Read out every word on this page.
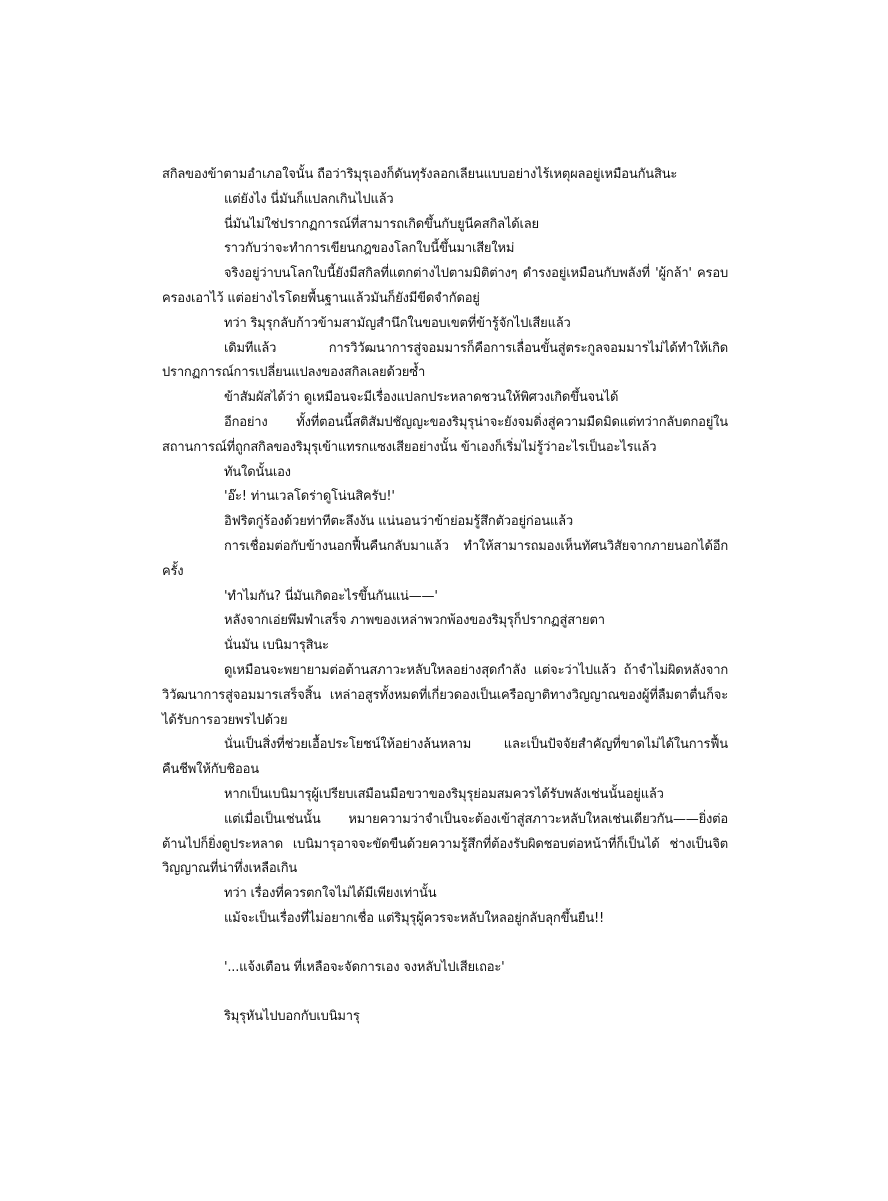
สกิลของข้าตามอำเภอใจนั้น ถือว่าริมุรุเองก็ดันทุรังลอกเลียนแบบอย่างไร้เหตุผลอยู่เหมือนกันสินะ

แต่ยังไง นี่มันก็แปลกเกินไปแล้ว

นี่มันไม่ใช่ปรากฏการณ์ที่สามารถเกิดขึ้นกับยูนีคสกิลได้เลย

ราวกับว่าจะทำการเขียนกฎของโลกใบนี้ขึ้นมาเสียใหม่

จริงอยู่ว่าบนโลกใบนี้ยังมีสกิลที่แตกต่างไปตามมิติต่างๆ ดำรงอยู่เหมือนกับพลังที่ 'ผู้กล้า' ครอบครองเอาไว้ แต่อย่างไรโดยพื้นฐานแล้วมันก็ยังมีขีดจำกัดอยู่

ทว่า ริมุรุกลับก้าวข้ามสามัญสำนึกในขอบเขตที่ข้ารู้จักไปเสียแล้ว

เดิมทีแล้ว การวิวัฒนาการสู่จอมมารก็คือการเลื่อนขั้นสู่ตระกูลจอมมารไม่ได้ทำให้เกิดปรากฏการณ์การเปลี่ยนแปลงของสกิลเลยด้วยซ้ำ

ข้าสัมผัสได้ว่า ดูเหมือนจะมีเรื่องแปลกประหลาดชวนให้พิศวงเกิดขึ้นจนได้

อีกอย่าง ทั้งที่ตอนนี้สติสัมปชัญญะของริมุรุน่าจะยังจมดิ่งสู่ความมืดมิดแต่ทว่ากลับตกอยู่ในสถานการณ์ที่ถูกสกิลของริมุรุเข้าแทรกแซงเสียอย่างนั้น ข้าเองก็เริ่มไม่รู้ว่าอะไรเป็นอะไรแล้ว

ทันใดนั้นเอง

'อ๊ะ! ท่านเวลโดร่าดูโน่นสิครับ!'

อิฟริตกู่ร้องด้วยท่าทีตะลึงงัน แน่นอนว่าข้าย่อมรู้สึกตัวอยู่ก่อนแล้ว

การเชื่อมต่อกับข้างนอกฟื้นคืนกลับมาแล้ว ทำให้สามารถมองเห็นทัศนวิสัยจากภายนอกได้อีกครั้ง

'ทำไมกัน? นี่มันเกิดอะไรขึ้นกันแน่——'

หลังจากเอ่ยพึมพำเสร็จ ภาพของเหล่าพวกพ้องของริมุรุก็ปรากฏสู่สายตา

นั่นมัน เบนิมารุสินะ

ดูเหมือนจะพยายามต่อต้านสภาวะหลับใหลอย่างสุดกำลัง แต่จะว่าไปแล้ว ถ้าจำไม่ผิดหลังจากวิวัฒนาการสู่จอมมารเสร็จสิ้น เหล่าอสูรทั้งหมดที่เกี่ยวดองเป็นเครือญาติทางวิญญาณของผู้ที่ลืมตาตื่นก็จะได้รับการอวยพรไปด้วย

นั่นเป็นสิ่งที่ช่วยเอื้อประโยชน์ให้อย่างล้นหลาม และเป็นปัจจัยสำคัญที่ขาดไม่ได้ในการฟื้นคืนชีพให้กับชิออน

หากเป็นเบนิมารุผู้เปรียบเสมือนมือขวาของริมุรุย่อมสมควรได้รับพลังเช่นนั้นอยู่แล้ว

แต่เมื่อเป็นเช่นนั้น หมายความว่าจำเป็นจะต้องเข้าสู่สภาวะหลับใหลเช่นเดียวกัน——ยิ่งต่อต้านไปก็ยิ่งดูประหลาด เบนิมารุอาจจะขัดขืนด้วยความรู้สึกที่ต้องรับผิดชอบต่อหน้าที่ก็เป็นได้ ช่างเป็นจิตวิญญาณที่น่าทึ่งเหลือเกิน

ทว่า เรื่องที่ควรตกใจไม่ได้มีเพียงเท่านั้น

แม้จะเป็นเรื่องที่ไม่อยากเชื่อ แต่ริมุรุผู้ควรจะหลับใหลอยู่กลับลุกขึ้นยืน!!

'...แจ้งเตือน ที่เหลือจะจัดการเอง จงหลับไปเสียเถอะ'

ริมุรุหันไปบอกกับเบนิมารุ
